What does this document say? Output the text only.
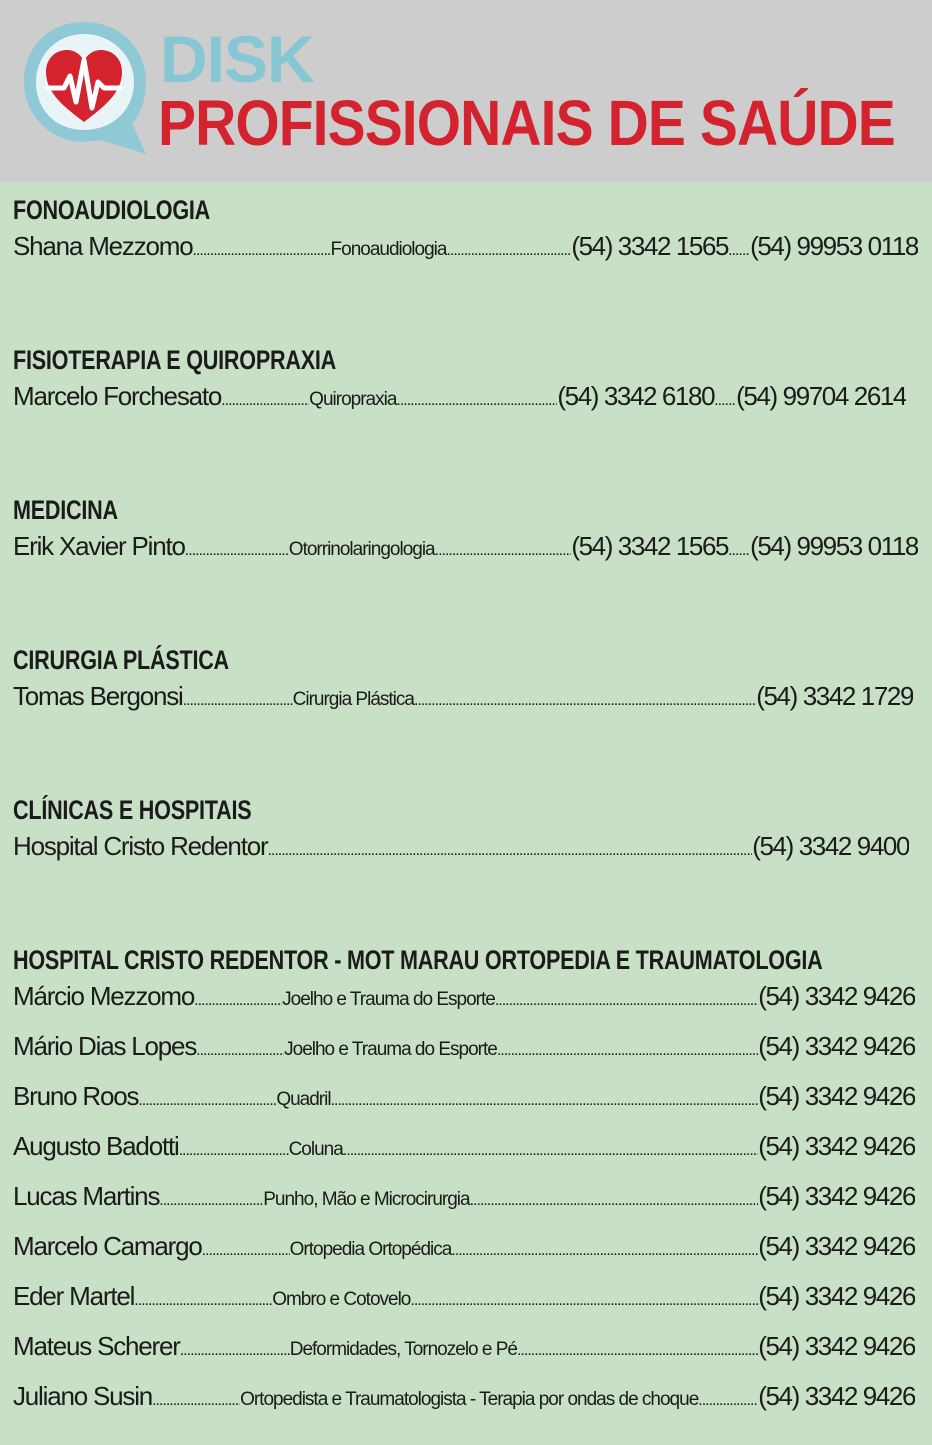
DISK
PROFISSIONAIS DE SAÚDE
FONOAUDIOLOGIA
Shana Mezzomo .....	Fonoaudiologia .....	(54) 3342 1565 ..... (54) 99953 0118
FISIOTERAPIA E QUIROPRAXIA
Marcelo Forchesato .....	Quiropraxia .....	(54) 3342 6180 ..... (54) 99704 2614
MEDICINA
Erik Xavier Pinto .....	Otorrinolaringologia .....	(54) 3342 1565 ..... (54) 99953 0118
CIRURGIA PLÁSTICA
Tomas Bergonsi .....	Cirurgia Plástica .....	(54) 3342 1729
CLÍNICAS E HOSPITAIS
Hospital Cristo Redentor .....	(54) 3342 9400
HOSPITAL CRISTO REDENTOR - MOT MARAU ORTOPEDIA E TRAUMATOLOGIA
Márcio Mezzomo .....	Joelho e Trauma do Esporte .....	(54) 3342 9426
Mário Dias Lopes .....	Joelho e Trauma do Esporte .....	(54) 3342 9426
Bruno Roos .....	Quadril .....	(54) 3342 9426
Augusto Badotti .....	Coluna .....	(54) 3342 9426
Lucas Martins .....	Punho, Mão e Microcirurgia .....	(54) 3342 9426
Marcelo Camargo .....	Ortopedia Ortopédica .....	(54) 3342 9426
Eder Martel .....	Ombro e Cotovelo .....	(54) 3342 9426
Mateus Scherer .....	Deformidades, Tornozelo e Pé .....	(54) 3342 9426
Juliano Susin .....	Ortopedista e Traumatologista - Terapia por ondas de choque ..... (54) 3342 9426
